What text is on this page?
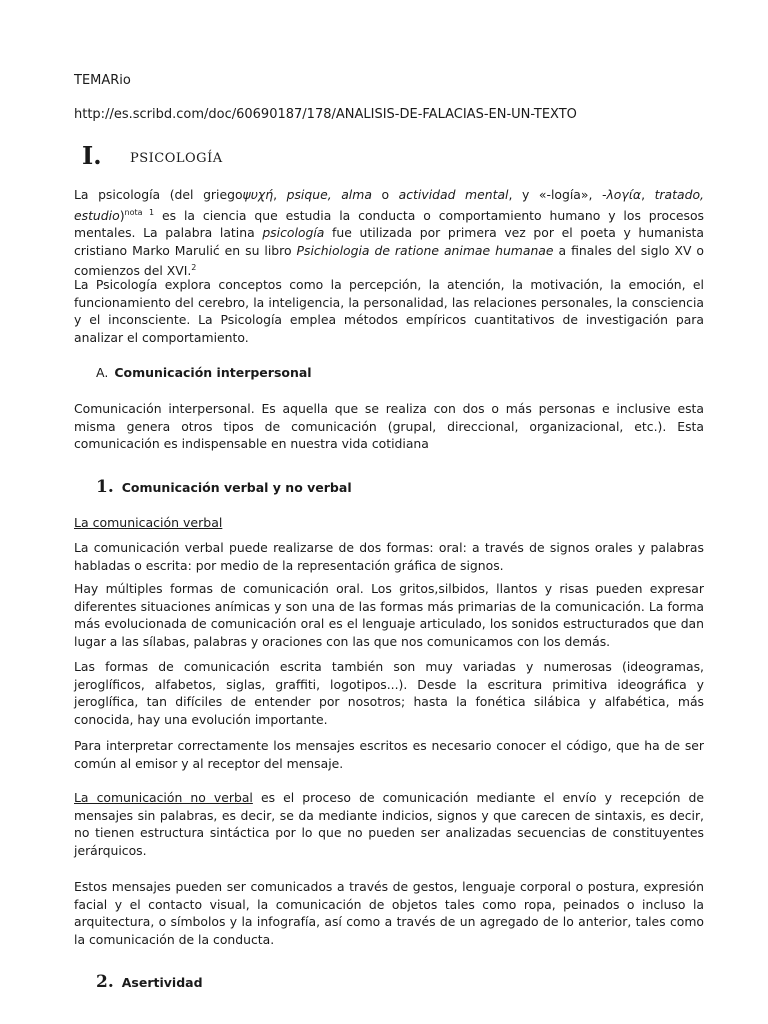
TEMARio
http://es.scribd.com/doc/60690187/178/ANALISIS-DE-FALACIAS-EN-UN-TEXTO
I. PSICOLOGÍA
La psicología (del griegoψυχή, psique, alma o actividad mental, y «-logía», -λογία, tratado, estudio)$^{nota 1}$ es la ciencia que estudia la conducta o comportamiento humano y los procesos mentales. La palabra latina psicología fue utilizada por primera vez por el poeta y humanista cristiano Marko Marulić en su libro Psichiologia de ratione animae humanae a finales del siglo XV o comienzos del XVI.$^2$
La Psicología explora conceptos como la percepción, la atención, la motivación, la emoción, el funcionamiento del cerebro, la inteligencia, la personalidad, las relaciones personales, la consciencia y el inconsciente. La Psicología emplea métodos empíricos cuantitativos de investigación para analizar el comportamiento.
A. Comunicación interpersonal
Comunicación interpersonal. Es aquella que se realiza con dos o más personas e inclusive esta misma genera otros tipos de comunicación (grupal, direccional, organizacional, etc.). Esta comunicación es indispensable en nuestra vida cotidiana
1. Comunicación verbal y no verbal
La comunicación verbal
La comunicación verbal puede realizarse de dos formas: oral: a través de signos orales y palabras habladas o escrita: por medio de la representación gráfica de signos.
Hay múltiples formas de comunicación oral. Los gritos,silbidos, llantos y risas pueden expresar diferentes situaciones anímicas y son una de las formas más primarias de la comunicación. La forma más evolucionada de comunicación oral es el lenguaje articulado, los sonidos estructurados que dan lugar a las sílabas, palabras y oraciones con las que nos comunicamos con los demás.
Las formas de comunicación escrita también son muy variadas y numerosas (ideogramas, jeroglíficos, alfabetos, siglas, graffiti, logotipos...). Desde la escritura primitiva ideográfica y jeroglífica, tan difíciles de entender por nosotros; hasta la fonética silábica y alfabética, más conocida, hay una evolución importante.
Para interpretar correctamente los mensajes escritos es necesario conocer el código, que ha de ser común al emisor y al receptor del mensaje.
La comunicación no verbal es el proceso de comunicación mediante el envío y recepción de mensajes sin palabras, es decir, se da mediante indicios, signos y que carecen de sintaxis, es decir, no tienen estructura sintáctica por lo que no pueden ser analizadas secuencias de constituyentes jerárquicos.
Estos mensajes pueden ser comunicados a través de gestos, lenguaje corporal o postura, expresión facial y el contacto visual, la comunicación de objetos tales como ropa, peinados o incluso la arquitectura, o símbolos y la infografía, así como a través de un agregado de lo anterior, tales como la comunicación de la conducta.
2. Asertividad
